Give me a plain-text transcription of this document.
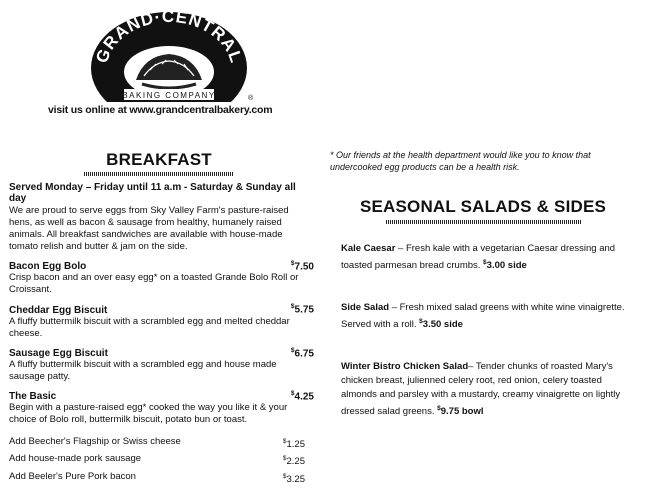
GRAND·CENTRAL
BAKING COMPANY	®
visit us online at www.grandcentralbakery.com
BREAKFAST
Served Monday – Friday until 11 a.m - Saturday & Sunday all day
We are proud to serve eggs from Sky Valley Farm's pasture-raised hens, as well as bacon & sausage from healthy, humanely raised animals. All breakfast sandwiches are available with house-made tomato relish and butter & jam on the side.
Bacon Egg Bolo	$7.50
Crisp bacon and an over easy egg* on a toasted Grande Bolo Roll or Croissant.
Cheddar Egg Biscuit	$5.75
A fluffy buttermilk biscuit with a scrambled egg and melted cheddar cheese.
Sausage Egg Biscuit	$6.75
A fluffy buttermilk biscuit with a scrambled egg and house made sausage patty.
The Basic	$4.25
Begin with a pasture-raised egg* cooked the way you like it & your choice of Bolo roll, buttermilk biscuit, potato bun or toast.
Add Beecher's Flagship or Swiss cheese	$1.25
Add house-made pork sausage	$2.25
Add Beeler's Pure Pork bacon	$3.25
* Our friends at the health department would like you to know that undercooked egg products can be a health risk.
SEASONAL SALADS & SIDES
Kale Caesar – Fresh kale with a vegetarian Caesar dressing and toasted parmesan bread crumbs. $3.00 side
Side Salad – Fresh mixed salad greens with white wine vinaigrette. Served with a roll. $3.50 side
Winter Bistro Chicken Salad– Tender chunks of roasted Mary's chicken breast, julienned celery root, red onion, celery toasted almonds and parsley with a mustardy, creamy vinaigrette on lightly dressed salad greens. $9.75 bowl
